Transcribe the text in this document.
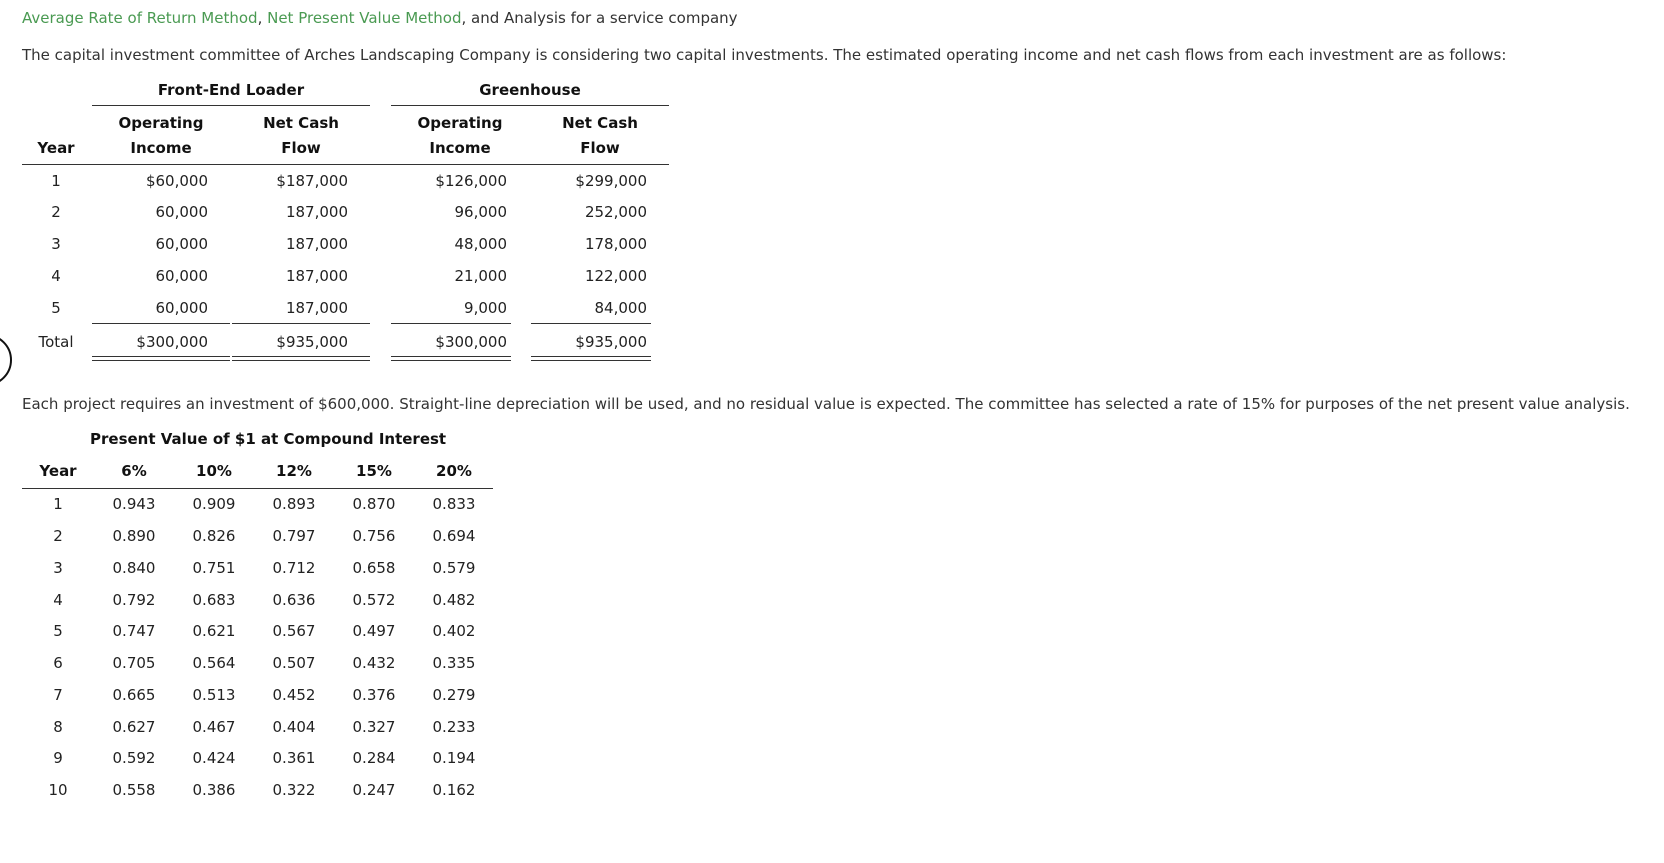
Average Rate of Return Method, Net Present Value Method, and Analysis for a service company
The capital investment committee of Arches Landscaping Company is considering two capital investments. The estimated operating income and net cash flows from each investment are as follows:
Front-End Loader	Greenhouse
Operating	Net Cash	Operating	Net Cash
Year	Income	Flow	Income	Flow
1	$60,000	$187,000	$126,000	$299,000
2	60,000	187,000	96,000	252,000
3	60,000	187,000	48,000	178,000
4	60,000	187,000	21,000	122,000
5	60,000	187,000	9,000	84,000
Total	$300,000	$935,000	$300,000	$935,000
Each project requires an investment of $600,000. Straight-line depreciation will be used, and no residual value is expected. The committee has selected a rate of 15% for purposes of the net present value analysis.
Present Value of $1 at Compound Interest
Year	6%	10%	12%	15%	20%
1	0.943	0.909	0.893	0.870	0.833
2	0.890	0.826	0.797	0.756	0.694
3	0.840	0.751	0.712	0.658	0.579
4	0.792	0.683	0.636	0.572	0.482
5	0.747	0.621	0.567	0.497	0.402
6	0.705	0.564	0.507	0.432	0.335
7	0.665	0.513	0.452	0.376	0.279
8	0.627	0.467	0.404	0.327	0.233
9	0.592	0.424	0.361	0.284	0.194
10	0.558	0.386	0.322	0.247	0.162
